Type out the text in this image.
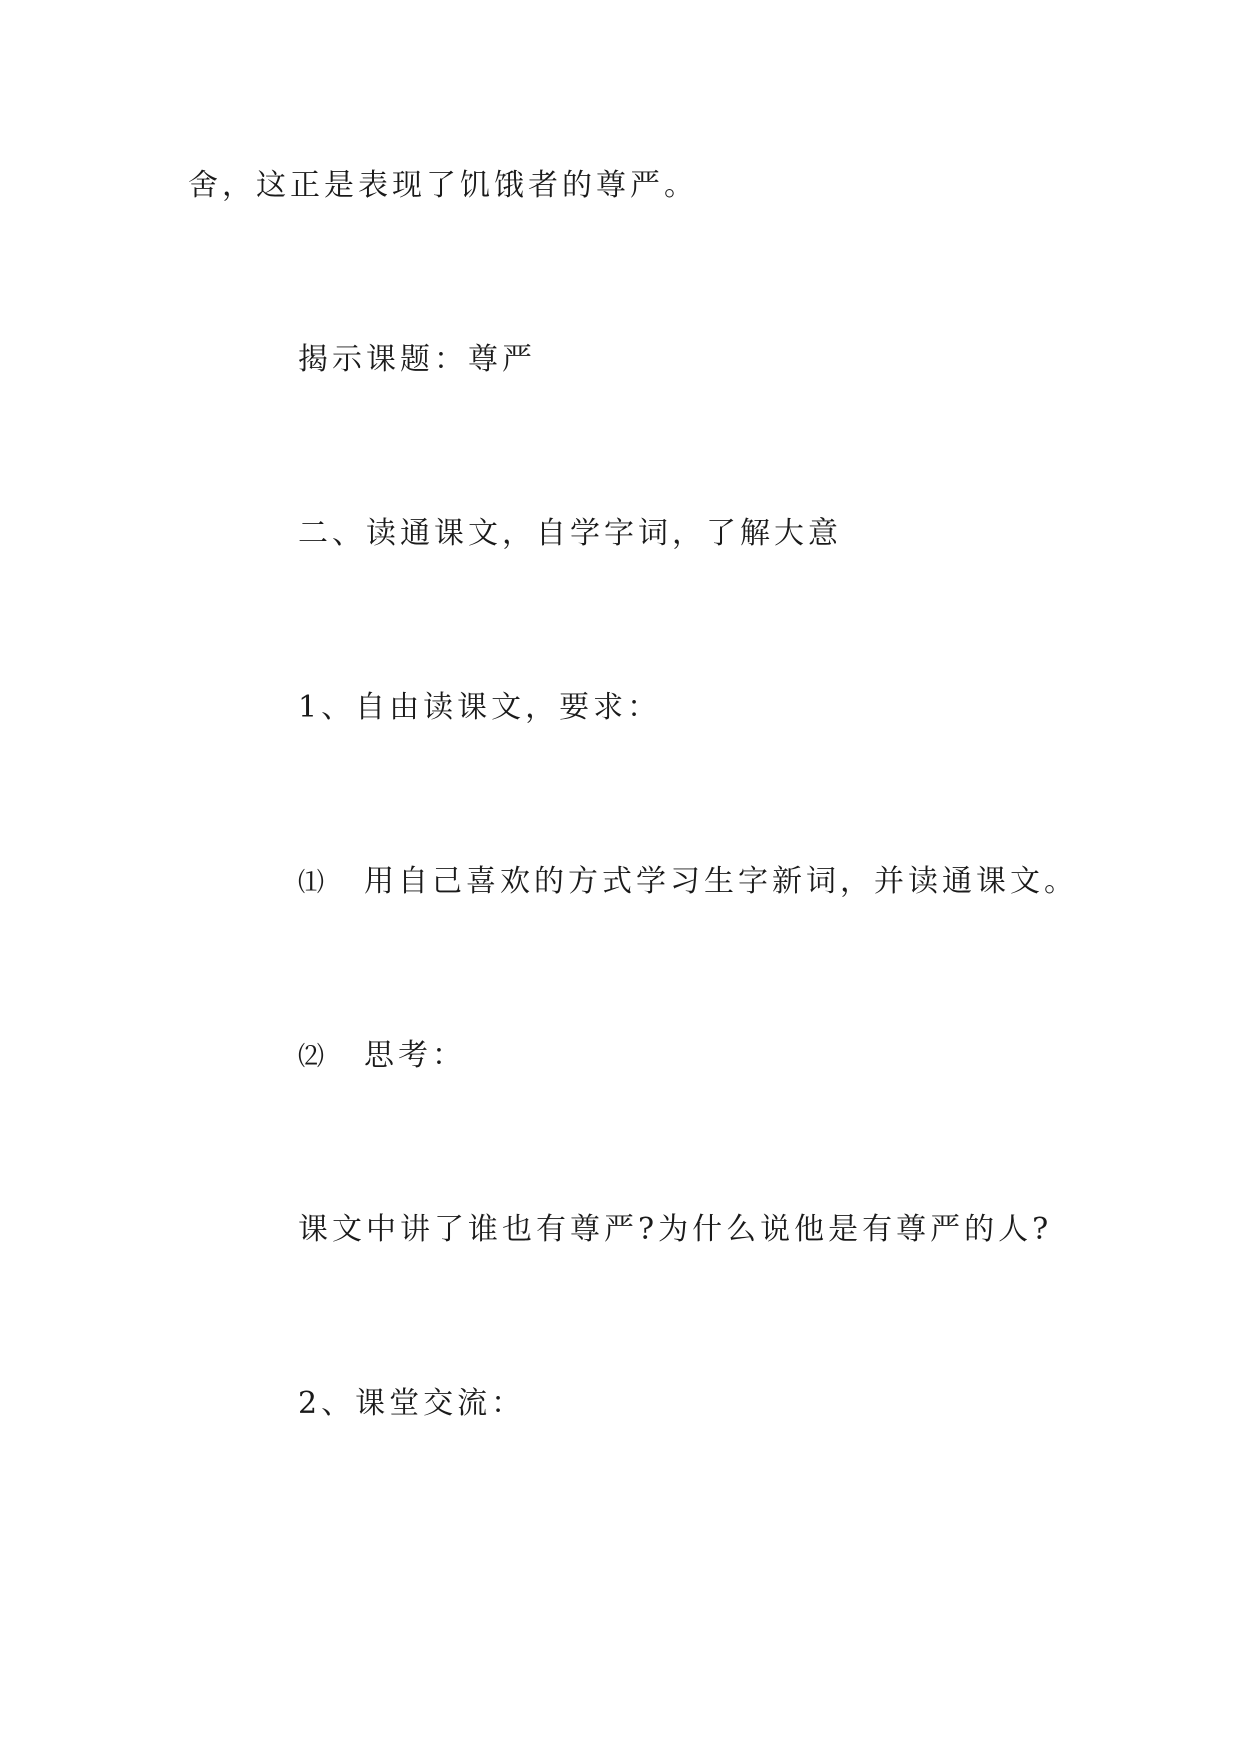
舍，这正是表现了饥饿者的尊严。
揭示课题：尊严
二、读通课文，自学字词，了解大意
1、自由读课文，要求：
⑴ 用自己喜欢的方式学习生字新词，并读通课文。
⑵ 思考：
课文中讲了谁也有尊严?为什么说他是有尊严的人?
2、课堂交流：
